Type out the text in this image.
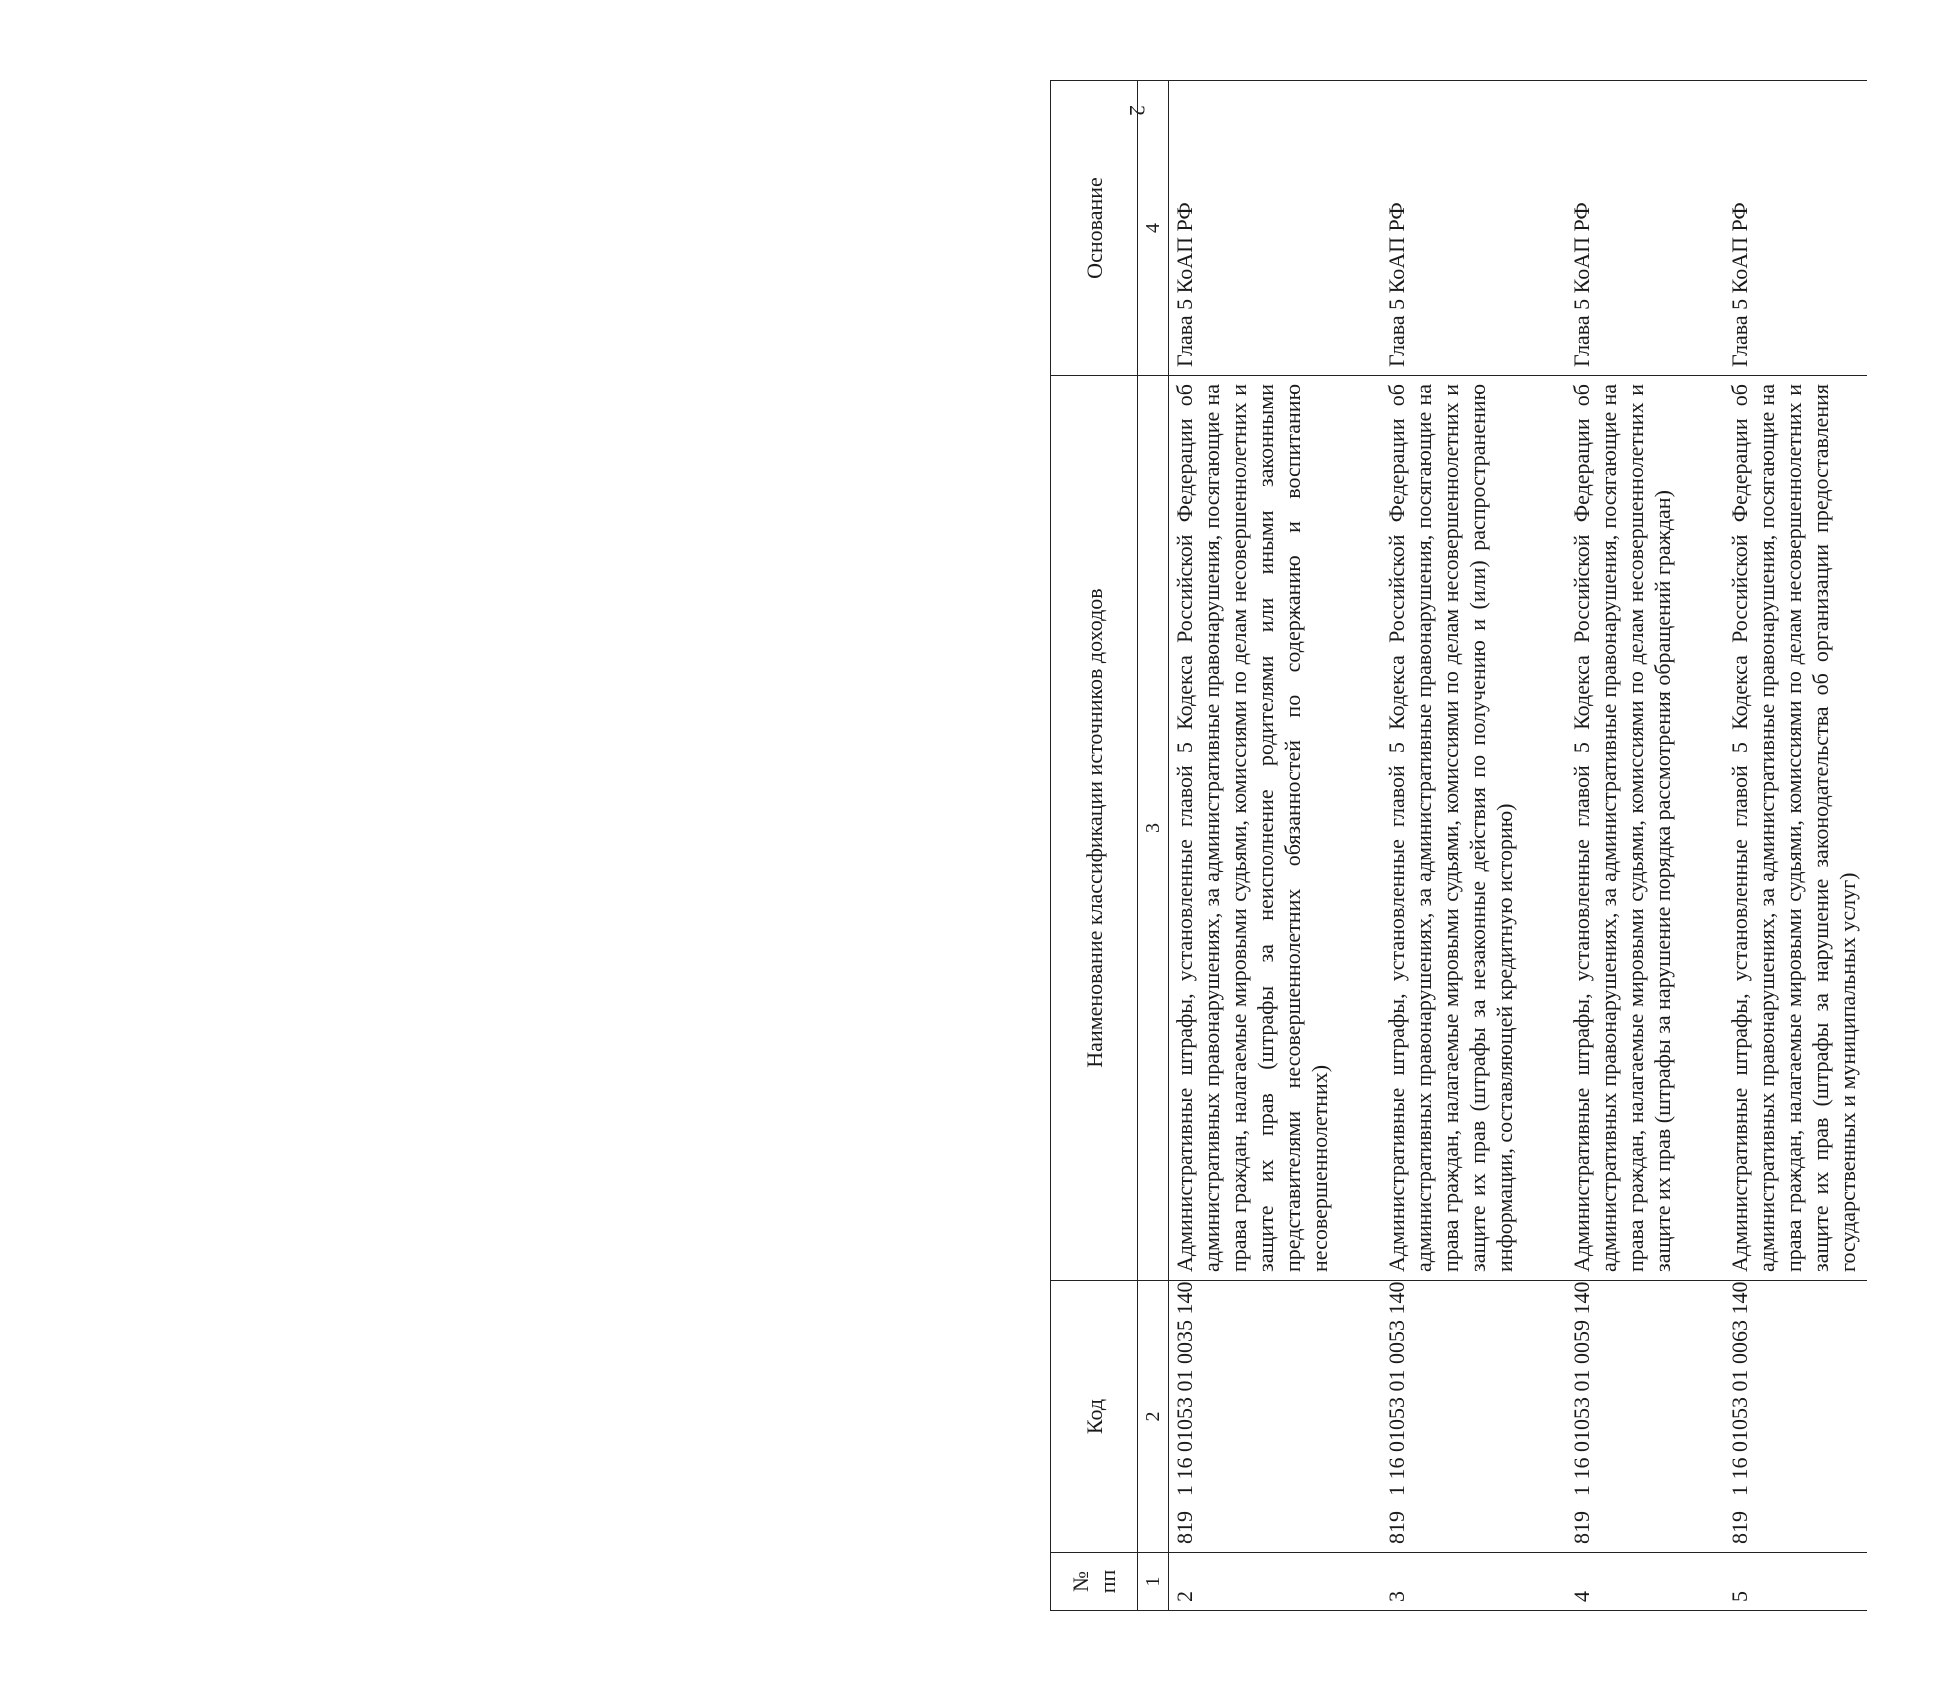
2
№ пп	Код	Наименование классификации источников доходов	Основание
1	2	3	4
2	8191 16 01053 01 0035 140	Административные штрафы, установленные главой 5 Кодекса Российской Федерации об административных правонарушениях, за административные правонарушения, посягающие на права граждан, налагаемые мировыми судьями, комиссиями по делам несовершеннолетних и защите их прав (штрафы за неисполнение родителями или иными законными представителями несовершеннолетних обязанностей по содержанию и воспитанию несовершеннолетних)	Глава 5 КоАП РФ
3	8191 16 01053 01 0053 140	Административные штрафы, установленные главой 5 Кодекса Российской Федерации об административных правонарушениях, за административные правонарушения, посягающие на права граждан, налагаемые мировыми судьями, комиссиями по делам несовершеннолетних и защите их прав (штрафы за незаконные действия по получению и (или) распространению информации, составляющей кредитную историю)	Глава 5 КоАП РФ
4	8191 16 01053 01 0059 140	Административные штрафы, установленные главой 5 Кодекса Российской Федерации об административных правонарушениях, за административные правонарушения, посягающие на права граждан, налагаемые мировыми судьями, комиссиями по делам несовершеннолетних и защите их прав (штрафы за нарушение порядка рассмотрения обращений граждан)	Глава 5 КоАП РФ
5	8191 16 01053 01 0063 140	Административные штрафы, установленные главой 5 Кодекса Российской Федерации об административных правонарушениях, за административные правонарушения, посягающие на права граждан, налагаемые мировыми судьями, комиссиями по делам несовершеннолетних и защите их прав (штрафы за нарушение законодательства об организации предоставления государственных и муниципальных услуг)	Глава 5 КоАП РФ
